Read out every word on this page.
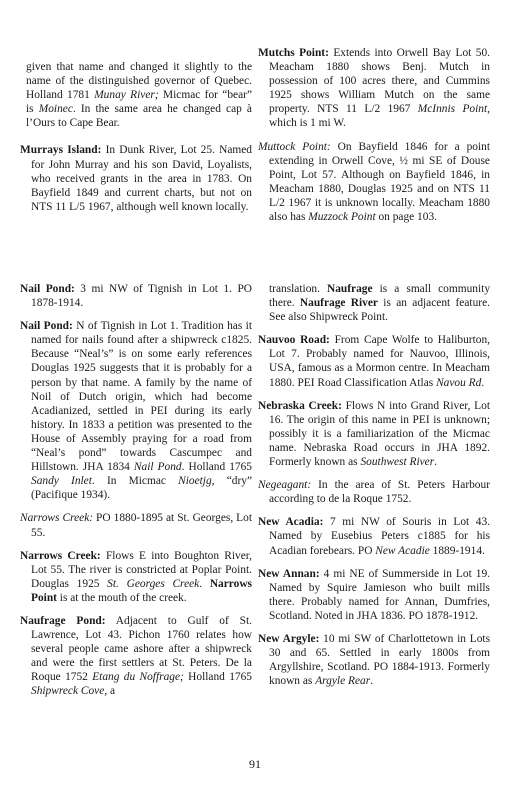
given that name and changed it slightly to the name of the distinguished governor of Quebec. Holland 1781 Munay River; Micmac for “bear” is Moinec. In the same area he changed cap à l’Ours to Cape Bear.

Murrays Island: In Dunk River, Lot 25. Named for John Murray and his son David, Loyalists, who received grants in the area in 1783. On Bayfield 1849 and current charts, but not on NTS 11 L/5 1967, although well known locally.

Mutchs Point: Extends into Orwell Bay Lot 50. Meacham 1880 shows Benj. Mutch in possession of 100 acres there, and Cummins 1925 shows William Mutch on the same property. NTS 11 L/2 1967 McInnis Point, which is 1 mi W.

Muttock Point: On Bayfield 1846 for a point extending in Orwell Cove, ½ mi SE of Douse Point, Lot 57. Although on Bayfield 1846, in Meacham 1880, Douglas 1925 and on NTS 11 L/2 1967 it is unknown locally. Meacham 1880 also has Muzzock Point on page 103.

Nail Pond: 3 mi NW of Tignish in Lot 1. PO 1878-1914.

Nail Pond: N of Tignish in Lot 1. Tradition has it named for nails found after a shipwreck c1825. Because “Neal’s” is on some early references Douglas 1925 suggests that it is probably for a person by that name. A family by the name of Noil of Dutch origin, which had become Acadianized, settled in PEI during its early history. In 1833 a petition was presented to the House of Assembly praying for a road from “Neal’s pond” towards Cascumpec and Hillstown. JHA 1834 Nail Pond. Holland 1765 Sandy Inlet. In Micmac Nioetjg, “dry” (Pacifique 1934).

Narrows Creek: PO 1880-1895 at St. Georges, Lot 55.

Narrows Creek: Flows E into Boughton River, Lot 55. The river is constricted at Poplar Point. Douglas 1925 St. Georges Creek. Narrows Point is at the mouth of the creek.

Naufrage Pond: Adjacent to Gulf of St. Lawrence, Lot 43. Pichon 1760 relates how several people came ashore after a shipwreck and were the first settlers at St. Peters. De la Roque 1752 Etang du Noffrage; Holland 1765 Shipwreck Cove, a

translation. Naufrage is a small community there. Naufrage River is an adjacent feature. See also Shipwreck Point.

Nauvoo Road: From Cape Wolfe to Haliburton, Lot 7. Probably named for Nauvoo, Illinois, USA, famous as a Mormon centre. In Meacham 1880. PEI Road Classification Atlas Navou Rd.

Nebraska Creek: Flows N into Grand River, Lot 16. The origin of this name in PEI is unknown; possibly it is a familiarization of the Micmac name. Nebraska Road occurs in JHA 1892. Formerly known as Southwest River.

Negeagant: In the area of St. Peters Harbour according to de la Roque 1752.

New Acadia: 7 mi NW of Souris in Lot 43. Named by Eusebius Peters c1885 for his Acadian forebears. PO New Acadie 1889-1914.

New Annan: 4 mi NE of Summerside in Lot 19. Named by Squire Jamieson who built mills there. Probably named for Annan, Dumfries, Scotland. Noted in JHA 1836. PO 1878-1912.

New Argyle: 10 mi SW of Charlottetown in Lots 30 and 65. Settled in early 1800s from Argyllshire, Scotland. PO 1884-1913. Formerly known as Argyle Rear.

91
